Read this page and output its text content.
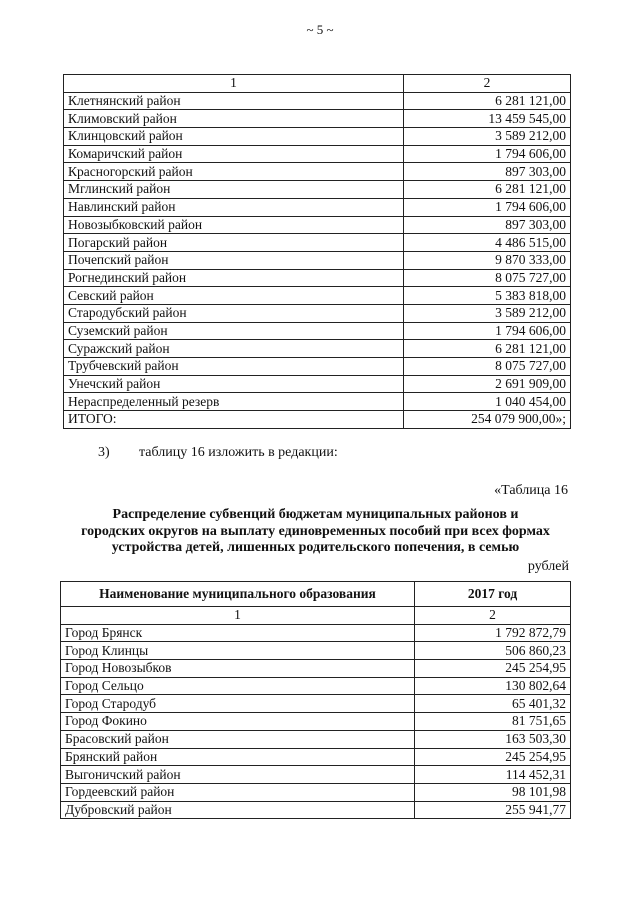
~ 5 ~
1	2
Клетнянский район	6 281 121,00
Климовский район	13 459 545,00
Клинцовский район	3 589 212,00
Комаричский район	1 794 606,00
Красногорский район	897 303,00
Мглинский район	6 281 121,00
Навлинский район	1 794 606,00
Новозыбковский район	897 303,00
Погарский район	4 486 515,00
Почепский район	9 870 333,00
Рогнединский район	8 075 727,00
Севский район	5 383 818,00
Стародубский район	3 589 212,00
Суземский район	1 794 606,00
Суражский район	6 281 121,00
Трубчевский район	8 075 727,00
Унечский район	2 691 909,00
Нераспределенный резерв	1 040 454,00
ИТОГО:	254 079 900,00»;
3) таблицу 16 изложить в редакции:
«Таблица 16
Распределение субвенций бюджетам муниципальных районов и
городских округов на выплату единовременных пособий при всех формах
устройства детей, лишенных родительского попечения, в семью
рублей
Наименование муниципального образования	2017 год
1	2
Город Брянск	1 792 872,79
Город Клинцы	506 860,23
Город Новозыбков	245 254,95
Город Сельцо	130 802,64
Город Стародуб	65 401,32
Город Фокино	81 751,65
Брасовский район	163 503,30
Брянский район	245 254,95
Выгоничский район	114 452,31
Гордеевский район	98 101,98
Дубровский район	255 941,77
